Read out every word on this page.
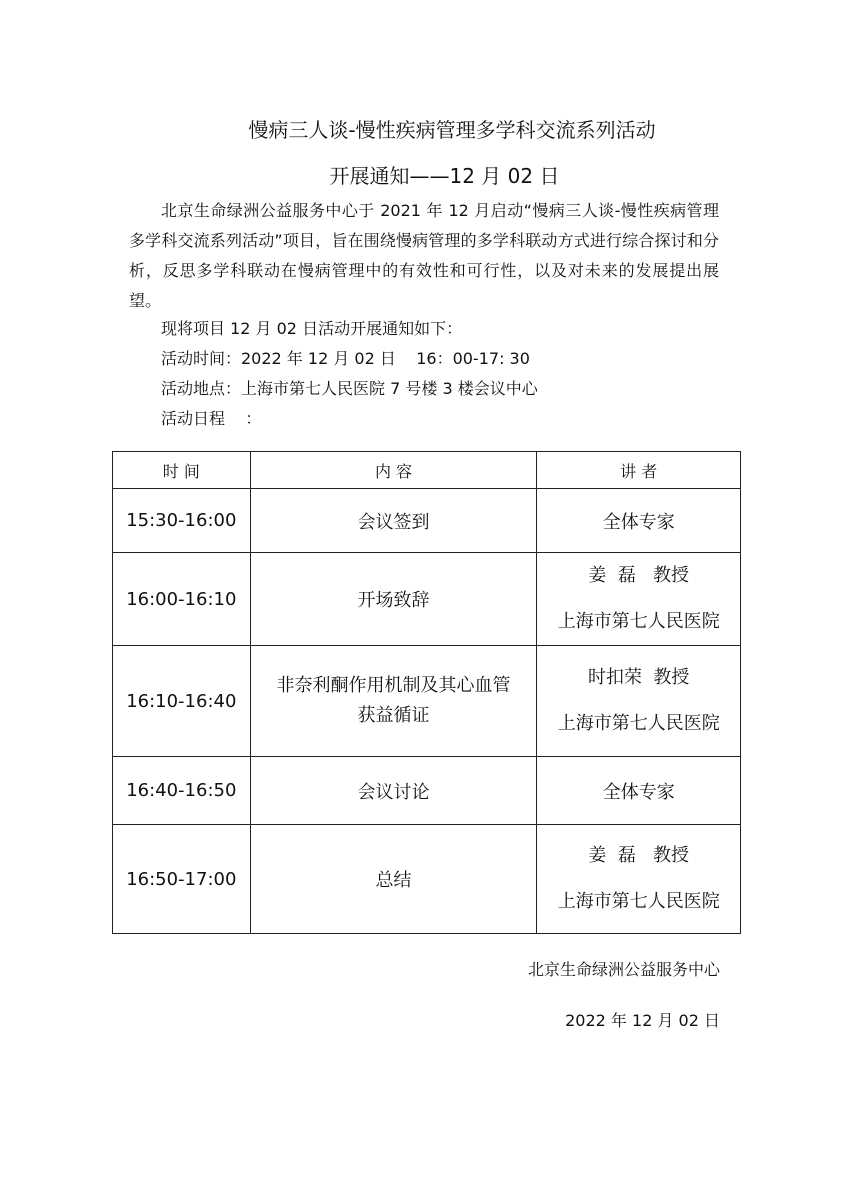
慢病三人谈-慢性疾病管理多学科交流系列活动
开展通知——12 月 02 日

北京生命绿洲公益服务中心于 2021 年 12 月启动“慢病三人谈-慢性疾病管理多学科交流系列活动”项目，旨在围绕慢病管理的多学科联动方式进行综合探讨和分析，反思多学科联动在慢病管理中的有效性和可行性，以及对未来的发展提出展望。

现将项目 12 月 02 日活动开展通知如下：
活动时间：2022 年 12 月 02 日    16：00-17: 30
活动地点：上海市第七人民医院 7 号楼 3 楼会议中心
活动日程    ：
时 间	内 容	讲 者
15:30-16:00	会议签到	全体专家
16:00-16:10	开场致辞	姜  磊   教授
上海市第七人民医院

16:10-16:40	非奈利酮作用机制及其心血管
获益循证	时扣荣  教授
上海市第七人民医院

16:40-16:50	会议讨论	全体专家
16:50-17:00	总结	姜  磊   教授
上海市第七人民医院
北京生命绿洲公益服务中心
2022 年 12 月 02 日
